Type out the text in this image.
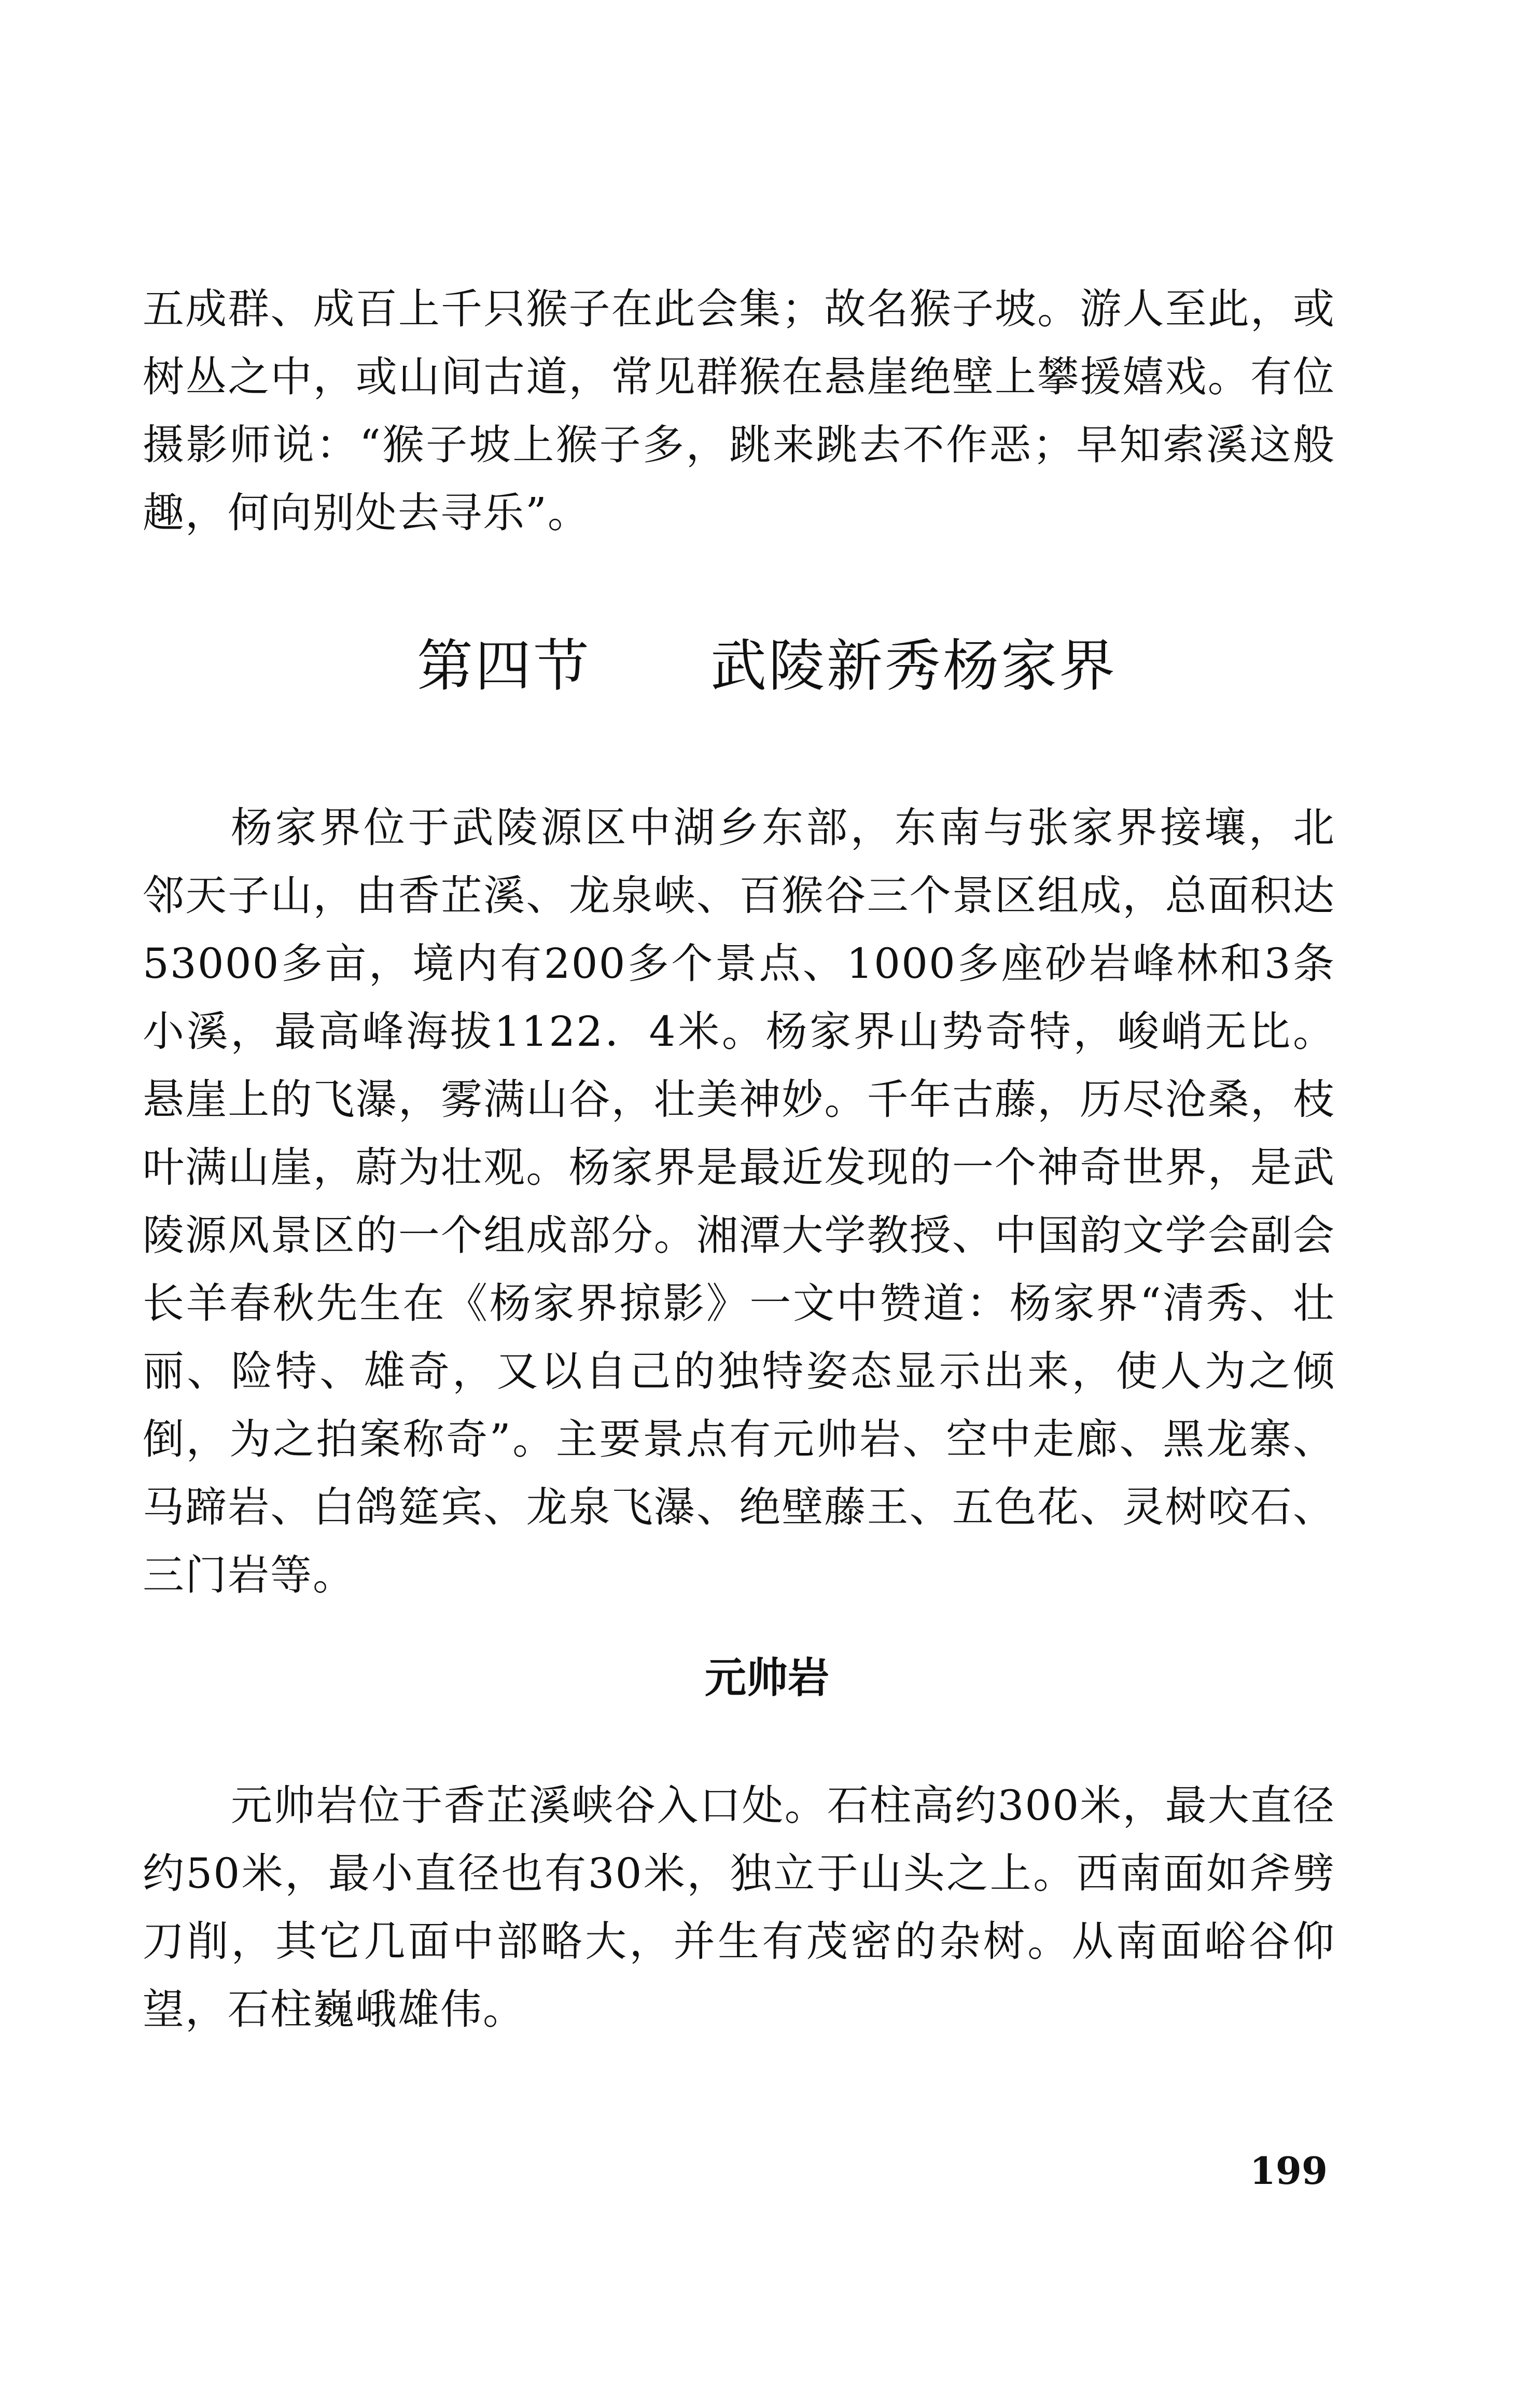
五成群、成百上千只猴子在此会集；故名猴子坡。游人至此，或树丛之中，或山间古道，常见群猴在悬崖绝壁上攀援嬉戏。有位摄影师说：“猴子坡上猴子多，跳来跳去不作恶；早知索溪这般趣，何向别处去寻乐”。

第四节 武陵新秀杨家界

杨家界位于武陵源区中湖乡东部，东南与张家界接壤，北邻天子山，由香芷溪、龙泉峡、百猴谷三个景区组成，总面积达53000多亩，境内有200多个景点、1000多座砂岩峰林和3条小溪，最高峰海拔1122．4米。杨家界山势奇特，峻峭无比。悬崖上的飞瀑，雾满山谷，壮美神妙。千年古藤，历尽沧桑，枝叶满山崖，蔚为壮观。杨家界是最近发现的一个神奇世界，是武陵源风景区的一个组成部分。湘潭大学教授、中国韵文学会副会长羊春秋先生在《杨家界掠影》一文中赞道：杨家界“清秀、壮丽、险特、雄奇，又以自己的独特姿态显示出来，使人为之倾倒，为之拍案称奇”。主要景点有元帅岩、空中走廊、黑龙寨、马蹄岩、白鸽筵宾、龙泉飞瀑、绝壁藤王、五色花、灵树咬石、三门岩等。

元帅岩

元帅岩位于香芷溪峡谷入口处。石柱高约300米，最大直径约50米，最小直径也有30米，独立于山头之上。西南面如斧劈刀削，其它几面中部略大，并生有茂密的杂树。从南面峪谷仰望，石柱巍峨雄伟。

199
